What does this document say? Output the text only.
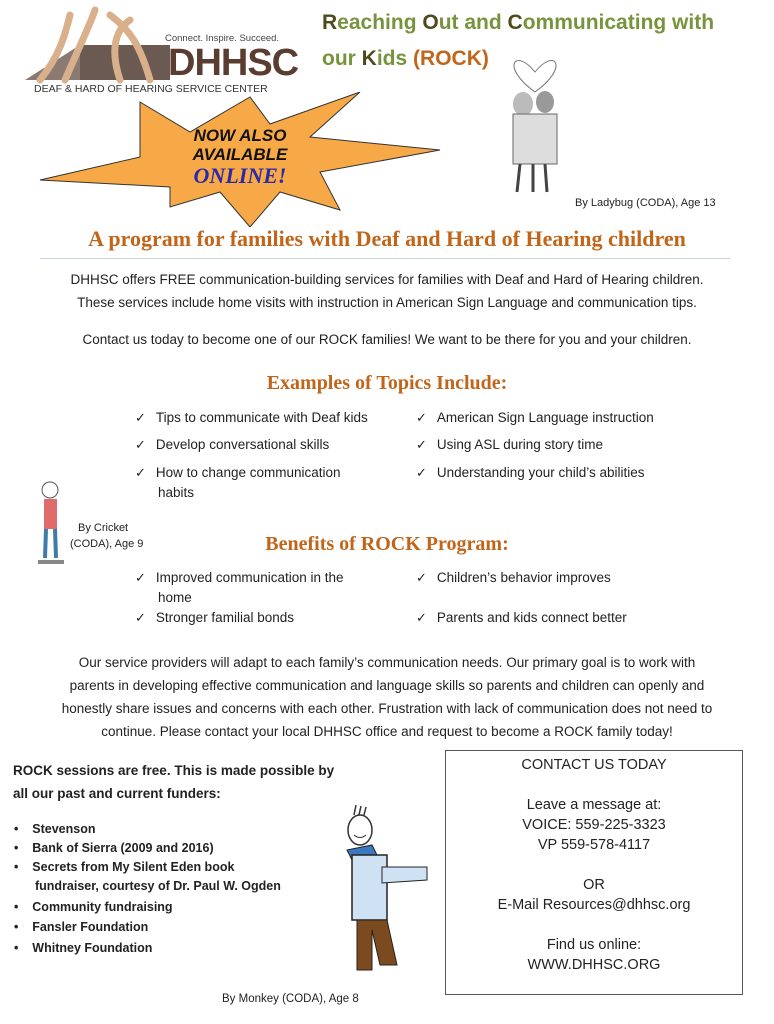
Connect. Inspire. Succeed.
DHHSC
DEAF & HARD OF HEARING SERVICE CENTER
Reaching Out and Communicating with
our Kids (ROCK)
NOW ALSO
AVAILABLE
ONLINE!
By Ladybug (CODA), Age 13
A program for families with Deaf and Hard of Hearing children
DHHSC offers FREE communication-building services for families with Deaf and Hard of Hearing children.
These services include home visits with instruction in American Sign Language and communication tips.
Contact us today to become one of our ROCK families! We want to be there for you and your children.
Examples of Topics Include:
✓ Tips to communicate with Deaf kids
✓ Develop conversational skills
✓ How to change communication
habits
✓ American Sign Language instruction
✓ Using ASL during story time
✓ Understanding your child’s abilities
By Cricket
(CODA), Age 9	Benefits of ROCK Program:
✓ Improved communication in the
home
✓ Stronger familial bonds
✓ Children’s behavior improves
✓ Parents and kids connect better
Our service providers will adapt to each family’s communication needs. Our primary goal is to work with
parents in developing effective communication and language skills so parents and children can openly and
honestly share issues and concerns with each other. Frustration with lack of communication does not need to
continue. Please contact your local DHHSC office and request to become a ROCK family today!
ROCK sessions are free. This is made possible by
all our past and current funders:
•    Stevenson
•    Bank of Sierra (2009 and 2016)
•    Secrets from My Silent Eden book
fundraiser, courtesy of Dr. Paul W. Ogden
•    Community fundraising
•    Fansler Foundation
•    Whitney Foundation
By Monkey (CODA), Age 8
CONTACT US TODAY
Leave a message at:
VOICE: 559-225-3323
VP 559-578-4117
OR
E-Mail Resources@dhhsc.org
Find us online:
WWW.DHHSC.ORG
